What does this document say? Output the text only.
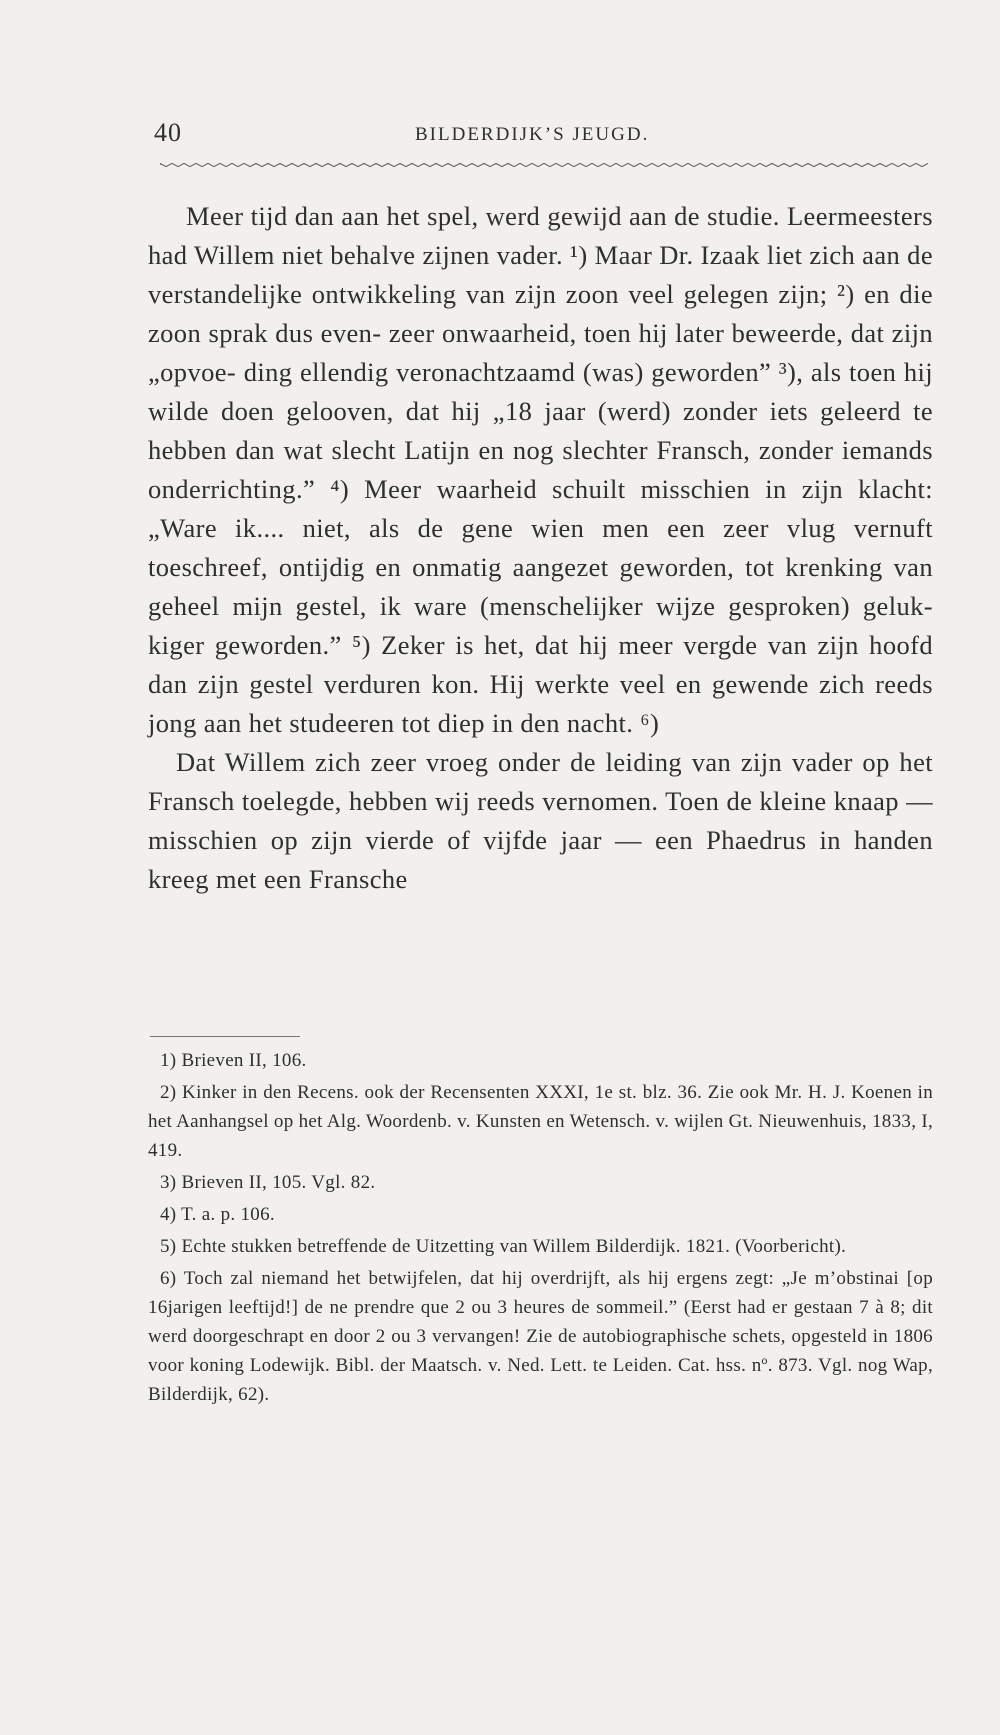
40	BILDERDIJK’S JEUGD.

Meer tijd dan aan het spel, werd gewijd aan de studie. Leermeesters had Willem niet behalve zijnen vader. ¹) Maar Dr. Izaak liet zich aan de verstandelijke ontwikkeling van zijn zoon veel gelegen zijn; ²) en die zoon sprak dus even- zeer onwaarheid, toen hij later beweerde, dat zijn „opvoe- ding ellendig veronachtzaamd (was) geworden” ³), als toen hij wilde doen gelooven, dat hij „18 jaar (werd) zonder iets geleerd te hebben dan wat slecht Latijn en nog slechter Fransch, zonder iemands onderrichting.” ⁴) Meer waarheid schuilt misschien in zijn klacht: „Ware ik.... niet, als de gene wien men een zeer vlug vernuft toeschreef, ontijdig en onmatig aangezet geworden, tot krenking van geheel mijn gestel, ik ware (menschelijker wijze gesproken) geluk- kiger geworden.” ⁵) Zeker is het, dat hij meer vergde van zijn hoofd dan zijn gestel verduren kon. Hij werkte veel en gewende zich reeds jong aan het studeeren tot diep in den nacht. ⁶)

Dat Willem zich zeer vroeg onder de leiding van zijn vader op het Fransch toelegde, hebben wij reeds vernomen. Toen de kleine knaap — misschien op zijn vierde of vijfde jaar — een Phaedrus in handen kreeg met een Fransche

1) Brieven II, 106.

2) Kinker in den Recens. ook der Recensenten XXXI, 1e st. blz. 36. Zie ook Mr. H. J. Koenen in het Aanhangsel op het Alg. Woordenb. v. Kunsten en Wetensch. v. wijlen Gt. Nieuwenhuis, 1833, I, 419.

3) Brieven II, 105. Vgl. 82.

4) T. a. p. 106.

5) Echte stukken betreffende de Uitzetting van Willem Bilderdijk. 1821. (Voorbericht).

6) Toch zal niemand het betwijfelen, dat hij overdrijft, als hij ergens zegt: „Je m’obstinai [op 16jarigen leeftijd!] de ne prendre que 2 ou 3 heures de sommeil.” (Eerst had er gestaan 7 à 8; dit werd doorgeschrapt en door 2 ou 3 vervangen! Zie de autobiographische schets, opgesteld in 1806 voor koning Lodewijk. Bibl. der Maatsch. v. Ned. Lett. te Leiden. Cat. hss. nº. 873. Vgl. nog Wap, Bilderdijk, 62).
